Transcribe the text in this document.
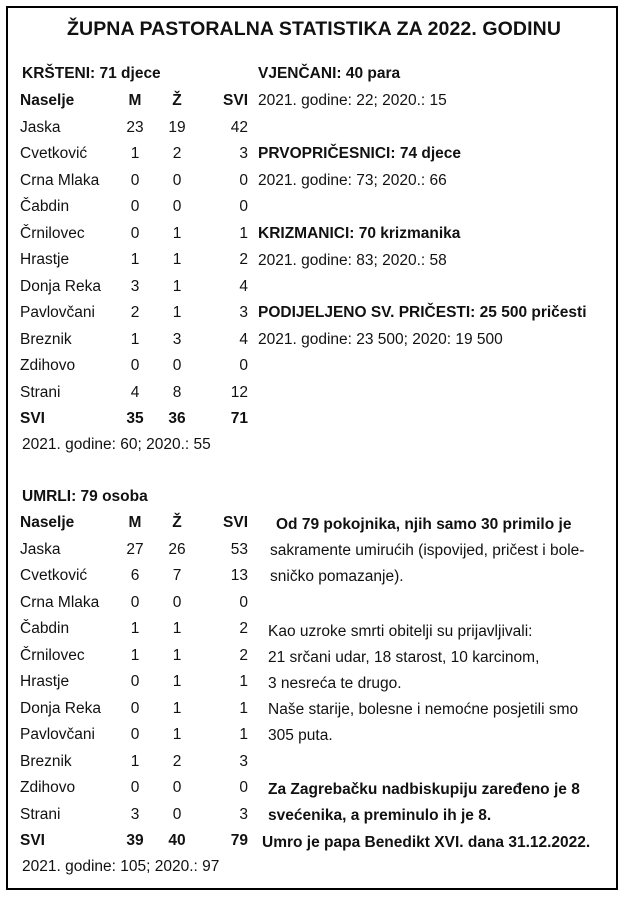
ŽUPNA PASTORALNA STATISTIKA ZA 2022. GODINU
KRŠTENI: 71 djece
Naselje	M	Ž	SVI
Jaska	23	19	42
Cvetković	1	2	3
Crna Mlaka	0	0	0
Čabdin	0	0	0
Črnilovec	0	1	1
Hrastje	1	1	2
Donja Reka	3	1	4
Pavlovčani	2	1	3
Breznik	1	3	4
Zdihovo	0	0	0
Strani	4	8	12
SVI	35	36	71
2021. godine: 60; 2020.: 55
UMRLI: 79 osoba
Naselje	M	Ž	SVI
Jaska	27	26	53
Cvetković	6	7	13
Crna Mlaka	0	0	0
Čabdin	1	1	2
Črnilovec	1	1	2
Hrastje	0	1	1
Donja Reka	0	1	1
Pavlovčani	0	1	1
Breznik	1	2	3
Zdihovo	0	0	0
Strani	3	0	3
SVI	39	40	79
2021. godine: 105; 2020.: 97
VJENČANI: 40 para
2021. godine: 22; 2020.: 15
PRVOPRIČESNICI: 74 djece
2021. godine: 73; 2020.: 66
KRIZMANICI: 70 krizmanika
2021. godine: 83; 2020.: 58
PODIJELJENO SV. PRIČESTI: 25 500 pričesti
2021. godine: 23 500; 2020: 19 500
Od 79 pokojnika, njih samo 30 primilo je
sakramente umirućih (ispovijed, pričest i bole-
sničko pomazanje).
Kao uzroke smrti obitelji su prijavljivali:
21 srčani udar, 18 starost, 10 karcinom,
3 nesreća te drugo.
Naše starije, bolesne i nemoćne posjetili smo
305 puta.
Za Zagrebačku nadbiskupiju zaređeno je 8
svećenika, a preminulo ih je 8.
Umro je papa Benedikt XVI. dana 31.12.2022.
